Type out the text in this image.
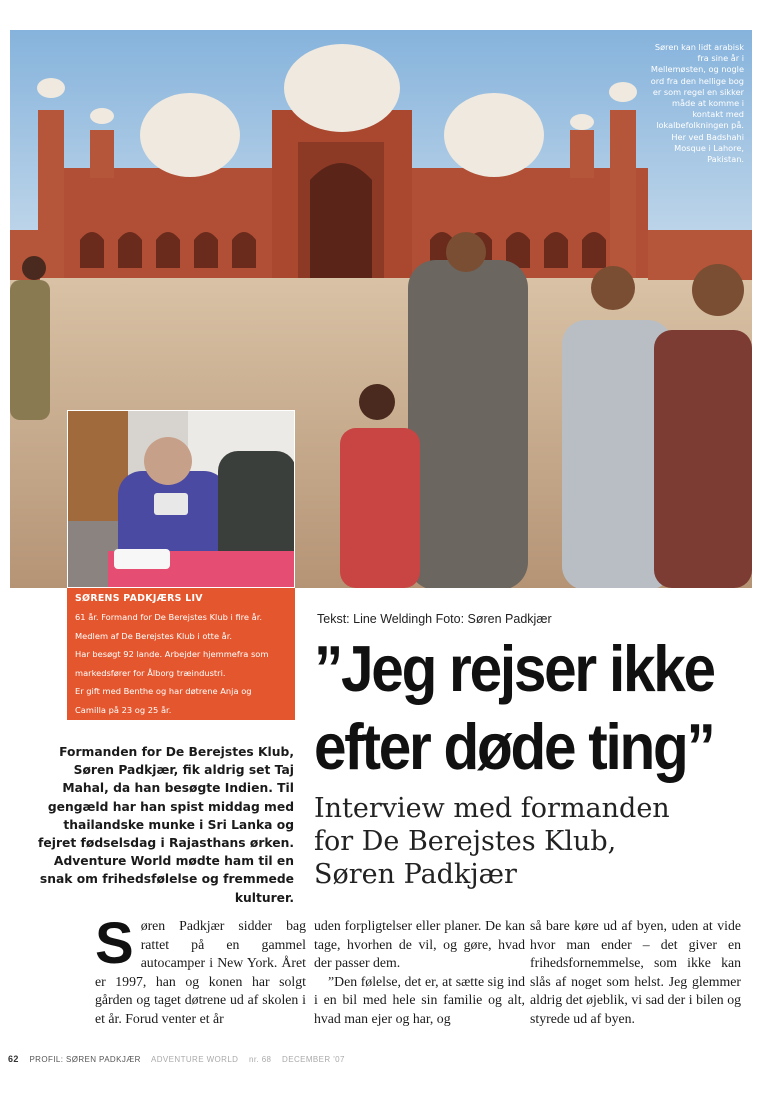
Søren kan lidt arabisk fra sine år i Mellemøsten, og nogle ord fra den hellige bog er som regel en sikker måde at komme i kontakt med lokalbefolkningen på. Her ved Badshahi Mosque i Lahore, Pakistan.
SØRENS PADKJÆRS LIV
61 år. Formand for De Berejstes Klub i fire år.
Medlem af De Berejstes Klub i otte år.
Har besøgt 92 lande. Arbejder hjemmefra som
markedsfører for Ålborg træindustri.
Er gift med Benthe og har døtrene Anja og
Camilla på 23 og 25 år.
Tekst: Line Weldingh Foto: Søren Padkjær
”Jeg rejser ikke
efter døde ting”
Interview med formanden
for De Berejstes Klub,
Søren Padkjær
Formanden for De Berejstes Klub, Søren Padkjær, fik aldrig set Taj Mahal, da han besøgte Indien. Til gengæld har han spist middag med thailandske munke i Sri Lanka og fejret fødselsdag i Rajasthans ørken. Adventure World mødte ham til en snak om frihedsfølelse og fremmede kulturer.

Søren Padkjær sidder bag rattet på en gammel autocamper i New York. Året er 1997, han og konen har solgt gården og taget døtrene ud af skolen i et år. Forud venter et år

uden forpligtelser eller planer. De kan tage, hvorhen de vil, og gøre, hvad der passer dem.

”Den følelse, det er, at sætte sig ind i en bil med hele sin familie og alt, hvad man ejer og har, og

så bare køre ud af byen, uden at vide hvor man ender – det giver en frihedsfornemmelse, som ikke kan slås af noget som helst. Jeg glemmer aldrig det øjeblik, vi sad der i bilen og styrede ud af byen.

62 PROFIL: SØREN PADKJÆR ADVENTURE WORLD nr. 68 DECEMBER '07
